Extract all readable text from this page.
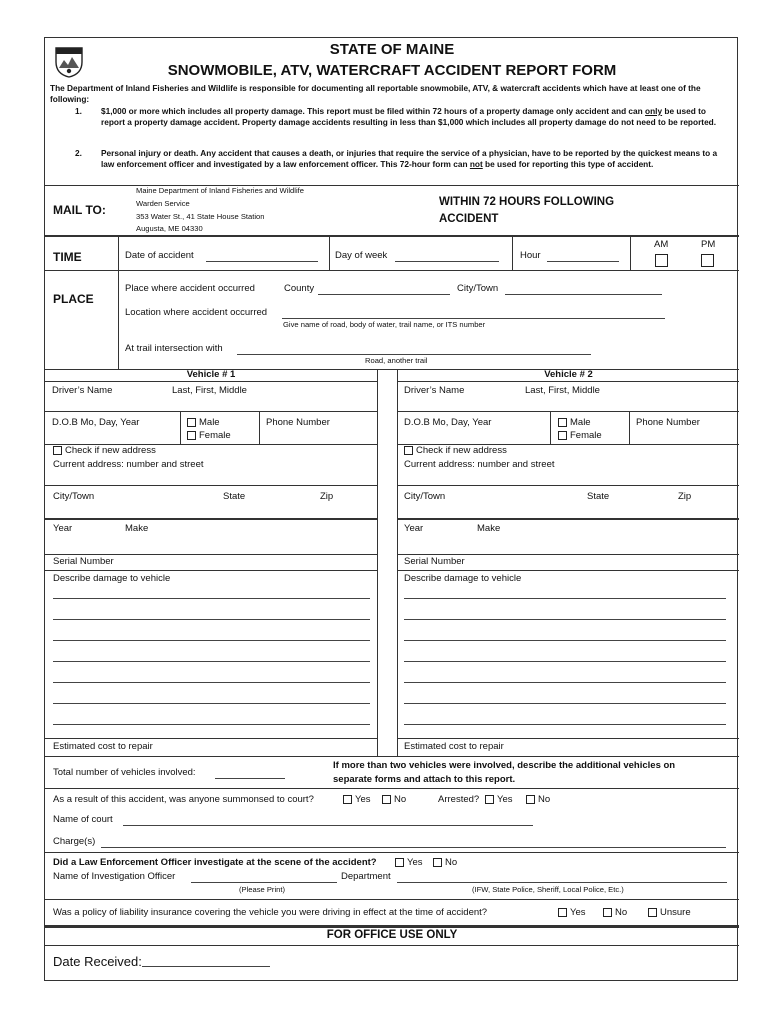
STATE OF MAINE
SNOWMOBILE, ATV, WATERCRAFT ACCIDENT REPORT FORM
The Department of Inland Fisheries and Wildlife is responsible for documenting all reportable snowmobile, ATV, & watercraft accidents which have at least one of the following:
1. $1,000 or more which includes all property damage. This report must be filed within 72 hours of a property damage only accident and can only be used to report a property damage accident. Property damage accidents resulting in less than $1,000 which includes all property damage do not need to be reported.
2. Personal injury or death. Any accident that causes a death, or injuries that require the service of a physician, have to be reported by the quickest means to a law enforcement officer and investigated by a law enforcement officer. This 72-hour form can not be used for reporting this type of accident.
MAIL TO:
Maine Department of Inland Fisheries and Wildlife
Warden Service
353 Water St., 41 State House Station
Augusta, ME 04330
WITHIN 72 HOURS FOLLOWING
ACCIDENT
TIME	Date of accident	Day of week	Hour
AM	PM
PLACE
Place where accident occurred	County	City/Town
Location where accident occurred
Give name of road, body of water, trail name, or ITS number
At trail intersection with
Road, another trail
Vehicle # 1
Driver’s Name	Last, First, Middle
D.O.B Mo, Day, Year	Male
Female
Phone Number
Check if new address
Current address: number and street
City/Town	State	Zip
Year	Make
Serial Number
Describe damage to vehicle
Estimated cost to repair
Vehicle # 2
Driver’s Name	Last, First, Middle
D.O.B Mo, Day, Year	Male
Female
Phone Number
Check if new address
Current address: number and street
City/Town	State	Zip
Year	Make
Serial Number
Describe damage to vehicle
Estimated cost to repair
Total number of vehicles involved:
If more than two vehicles were involved, describe the additional vehicles on
separate forms and attach to this report.
As a result of this accident, was anyone summonsed to court?	Yes	No	Arrested?	Yes	No
Name of court
Charge(s)
Did a Law Enforcement Officer investigate at the scene of the accident?	Yes	No
Name of Investigation Officer	Department
(Please Print)	(IFW, State Police, Sheriff, Local Police, Etc.)
Was a policy of liability insurance covering the vehicle you were driving in effect at the time of accident?	Yes	No	Unsure
FOR OFFICE USE ONLY
Date Received:
